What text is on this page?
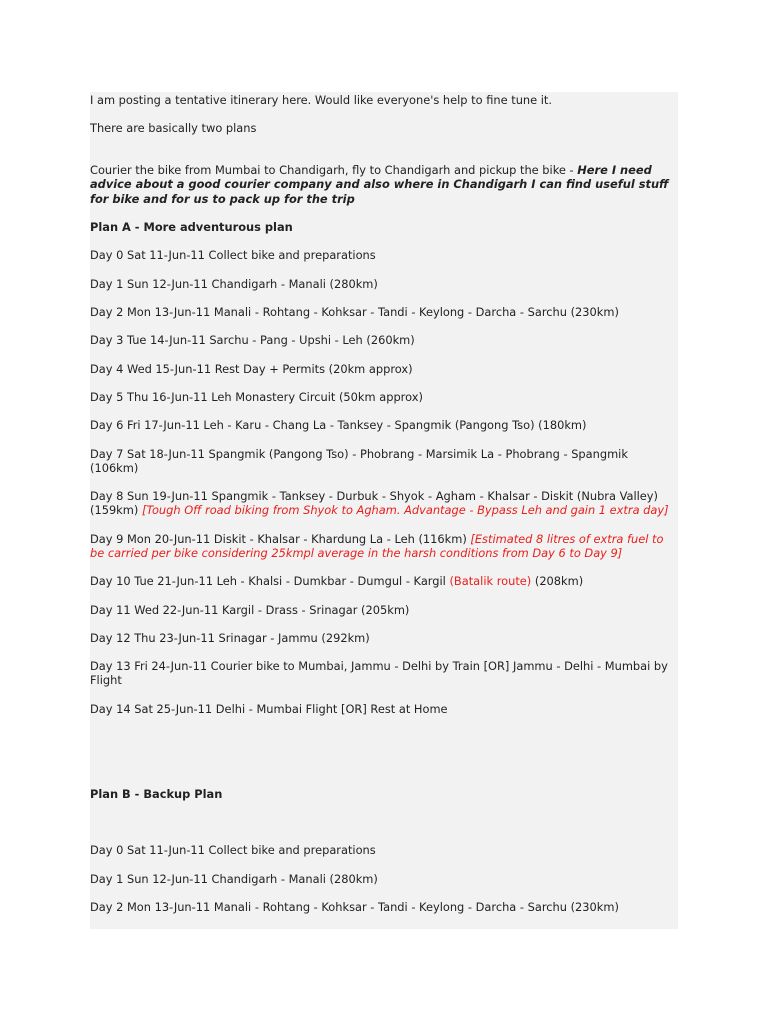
I am posting a tentative itinerary here. Would like everyone's help to fine tune it.

There are basically two plans

Courier the bike from Mumbai to Chandigarh, fly to Chandigarh and pickup the bike - Here I need advice about a good courier company and also where in Chandigarh I can find useful stuff for bike and for us to pack up for the trip

Plan A - More adventurous plan

Day 0 Sat 11-Jun-11 Collect bike and preparations

Day 1 Sun 12-Jun-11 Chandigarh - Manali (280km)

Day 2 Mon 13-Jun-11 Manali - Rohtang - Kohksar - Tandi - Keylong - Darcha - Sarchu (230km)

Day 3 Tue 14-Jun-11 Sarchu - Pang - Upshi - Leh (260km)

Day 4 Wed 15-Jun-11 Rest Day + Permits (20km approx)

Day 5 Thu 16-Jun-11 Leh Monastery Circuit (50km approx)

Day 6 Fri 17-Jun-11 Leh - Karu - Chang La - Tanksey - Spangmik (Pangong Tso) (180km)

Day 7 Sat 18-Jun-11 Spangmik (Pangong Tso) - Phobrang - Marsimik La - Phobrang - Spangmik (106km)

Day 8 Sun 19-Jun-11 Spangmik - Tanksey - Durbuk - Shyok - Agham - Khalsar - Diskit (Nubra Valley) (159km) [Tough Off road biking from Shyok to Agham. Advantage - Bypass Leh and gain 1 extra day]

Day 9 Mon 20-Jun-11 Diskit - Khalsar - Khardung La - Leh (116km) [Estimated 8 litres of extra fuel to be carried per bike considering 25kmpl average in the harsh conditions from Day 6 to Day 9]

Day 10 Tue 21-Jun-11 Leh - Khalsi - Dumkbar - Dumgul - Kargil (Batalik route) (208km)

Day 11 Wed 22-Jun-11 Kargil - Drass - Srinagar (205km)

Day 12 Thu 23-Jun-11 Srinagar - Jammu (292km)

Day 13 Fri 24-Jun-11 Courier bike to Mumbai, Jammu - Delhi by Train [OR] Jammu - Delhi - Mumbai by Flight

Day 14 Sat 25-Jun-11 Delhi - Mumbai Flight [OR] Rest at Home

Plan B - Backup Plan

Day 0 Sat 11-Jun-11 Collect bike and preparations

Day 1 Sun 12-Jun-11 Chandigarh - Manali (280km)

Day 2 Mon 13-Jun-11 Manali - Rohtang - Kohksar - Tandi - Keylong - Darcha - Sarchu (230km)
